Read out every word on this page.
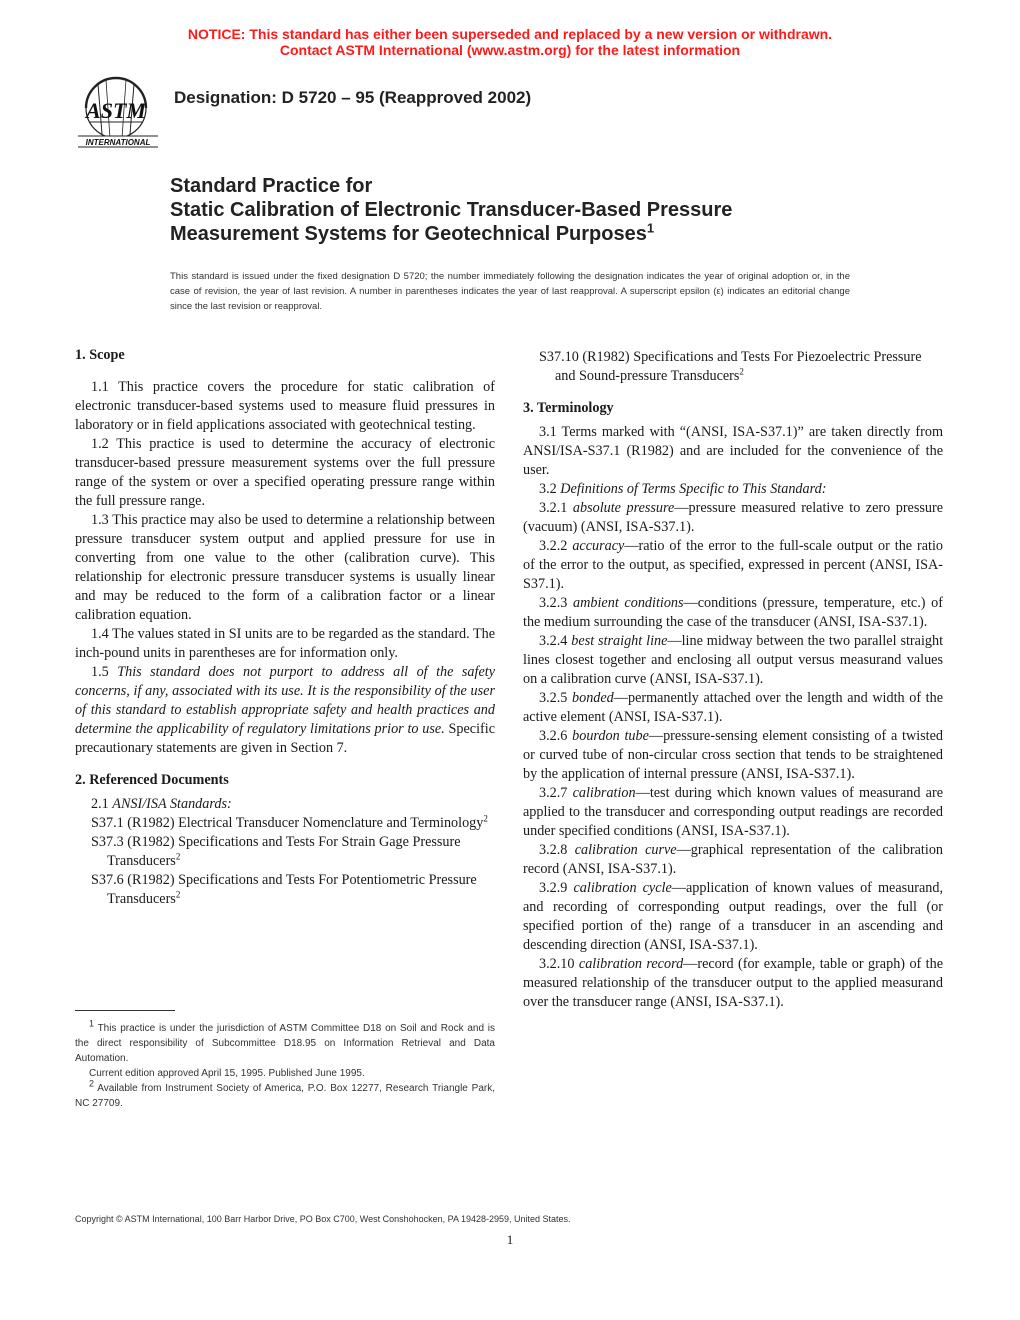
NOTICE: This standard has either been superseded and replaced by a new version or withdrawn.
Contact ASTM International (www.astm.org) for the latest information
ASTM
INTERNATIONAL
Designation: D 5720 – 95 (Reapproved 2002)
Standard Practice for
Static Calibration of Electronic Transducer-Based Pressure
Measurement Systems for Geotechnical Purposes$^1$
This standard is issued under the fixed designation D 5720; the number immediately following the designation indicates the year of original adoption or, in the case of revision, the year of last revision. A number in parentheses indicates the year of last reapproval. A superscript epsilon (ε) indicates an editorial change since the last revision or reapproval.
1. Scope

1.1 This practice covers the procedure for static calibration of electronic transducer-based systems used to measure fluid pressures in laboratory or in field applications associated with geotechnical testing.

1.2 This practice is used to determine the accuracy of electronic transducer-based pressure measurement systems over the full pressure range of the system or over a specified operating pressure range within the full pressure range.

1.3 This practice may also be used to determine a relationship between pressure transducer system output and applied pressure for use in converting from one value to the other (calibration curve). This relationship for electronic pressure transducer systems is usually linear and may be reduced to the form of a calibration factor or a linear calibration equation.

1.4 The values stated in SI units are to be regarded as the standard. The inch-pound units in parentheses are for information only.

1.5 This standard does not purport to address all of the safety concerns, if any, associated with its use. It is the responsibility of the user of this standard to establish appropriate safety and health practices and determine the applicability of regulatory limitations prior to use. Specific precautionary statements are given in Section 7.

2. Referenced Documents

2.1 ANSI/ISA Standards:

S37.1 (R1982) Electrical Transducer Nomenclature and Terminology$^2$

S37.3 (R1982) Specifications and Tests For Strain Gage Pressure Transducers$^2$

S37.6 (R1982) Specifications and Tests For Potentiometric Pressure Transducers$^2$

S37.10 (R1982) Specifications and Tests For Piezoelectric Pressure and Sound-pressure Transducers$^2$

3. Terminology

3.1 Terms marked with “(ANSI, ISA-S37.1)” are taken directly from ANSI/ISA-S37.1 (R1982) and are included for the convenience of the user.

3.2 Definitions of Terms Specific to This Standard:

3.2.1 absolute pressure—pressure measured relative to zero pressure (vacuum) (ANSI, ISA-S37.1).

3.2.2 accuracy—ratio of the error to the full-scale output or the ratio of the error to the output, as specified, expressed in percent (ANSI, ISA-S37.1).

3.2.3 ambient conditions—conditions (pressure, temperature, etc.) of the medium surrounding the case of the transducer (ANSI, ISA-S37.1).

3.2.4 best straight line—line midway between the two parallel straight lines closest together and enclosing all output versus measurand values on a calibration curve (ANSI, ISA-S37.1).

3.2.5 bonded—permanently attached over the length and width of the active element (ANSI, ISA-S37.1).

3.2.6 bourdon tube—pressure-sensing element consisting of a twisted or curved tube of non-circular cross section that tends to be straightened by the application of internal pressure (ANSI, ISA-S37.1).

3.2.7 calibration—test during which known values of measurand are applied to the transducer and corresponding output readings are recorded under specified conditions (ANSI, ISA-S37.1).

3.2.8 calibration curve—graphical representation of the calibration record (ANSI, ISA-S37.1).

3.2.9 calibration cycle—application of known values of measurand, and recording of corresponding output readings, over the full (or specified portion of the) range of a transducer in an ascending and descending direction (ANSI, ISA-S37.1).

3.2.10 calibration record—record (for example, table or graph) of the measured relationship of the transducer output to the applied measurand over the transducer range (ANSI, ISA-S37.1).

$^1$ This practice is under the jurisdiction of ASTM Committee D18 on Soil and Rock and is the direct responsibility of Subcommittee D18.95 on Information Retrieval and Data Automation.

Current edition approved April 15, 1995. Published June 1995.

$^2$ Available from Instrument Society of America, P.O. Box 12277, Research Triangle Park, NC 27709.

Copyright © ASTM International, 100 Barr Harbor Drive, PO Box C700, West Conshohocken, PA 19428-2959, United States.
1
